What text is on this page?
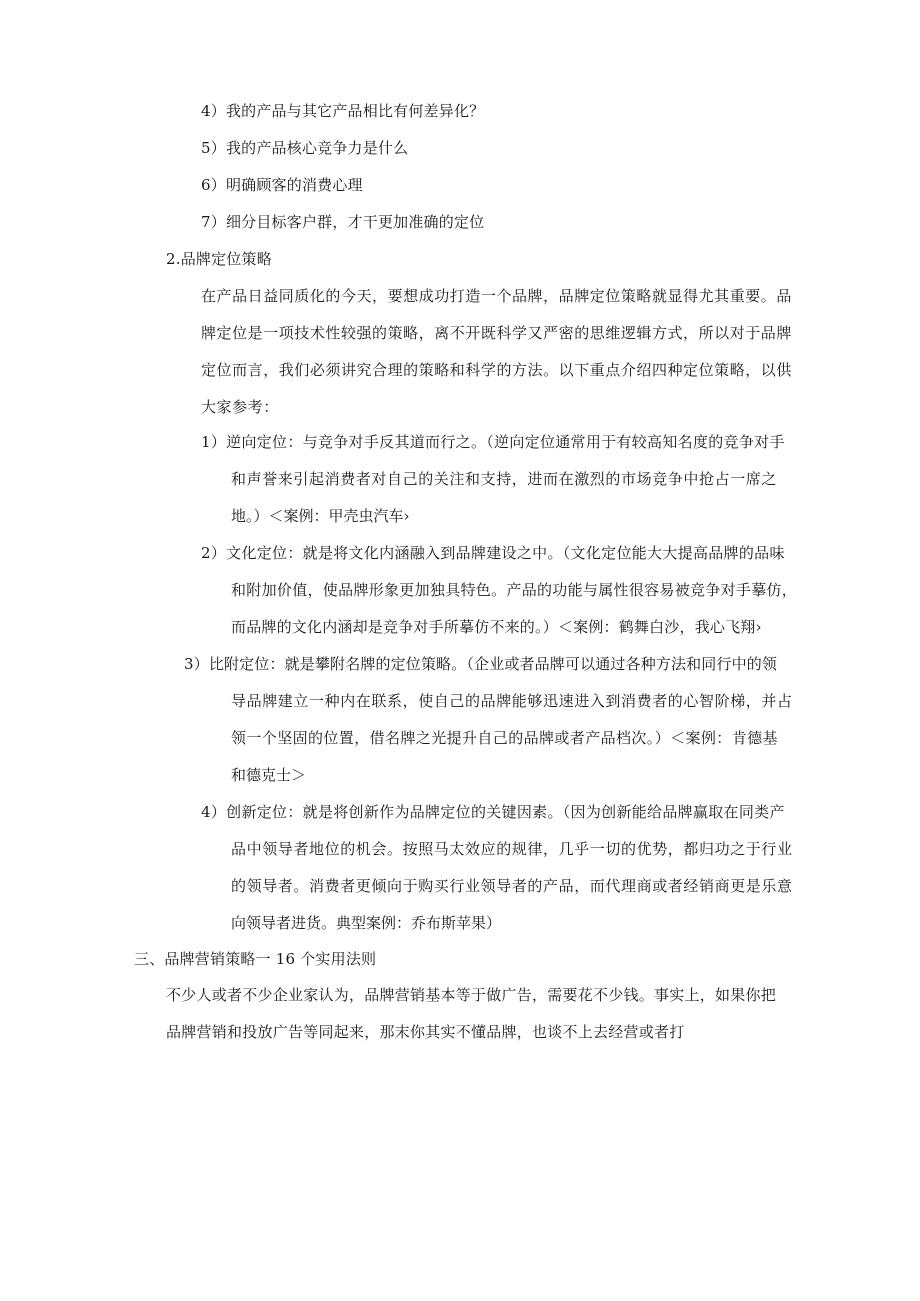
4）我的产品与其它产品相比有何差异化？
5）我的产品核心竞争力是什么
6）明确顾客的消费心理
7）细分目标客户群，才干更加准确的定位
2.品牌定位策略
在产品日益同质化的今天，要想成功打造一个品牌，品牌定位策略就显得尤其重要。品
牌定位是一项技术性较强的策略，离不开既科学又严密的思维逻辑方式，所以对于品牌
定位而言，我们必须讲究合理的策略和科学的方法。以下重点介绍四种定位策略，以供
大家参考：
1）逆向定位：与竞争对手反其道而行之。（逆向定位通常用于有较高知名度的竞争对手
和声誉来引起消费者对自己的关注和支持，进而在激烈的市场竞争中抢占一席之
地。）＜案例：甲壳虫汽车›
2）文化定位：就是将文化内涵融入到品牌建设之中。（文化定位能大大提高品牌的品味
和附加价值，使品牌形象更加独具特色。产品的功能与属性很容易被竞争对手摹仿，
而品牌的文化内涵却是竞争对手所摹仿不来的。）＜案例：鹤舞白沙，我心飞翔›
3）比附定位：就是攀附名牌的定位策略。（企业或者品牌可以通过各种方法和同行中的领
导品牌建立一种内在联系，使自己的品牌能够迅速进入到消费者的心智阶梯，并占
领一个坚固的位置，借名牌之光提升自己的品牌或者产品档次。）＜案例：肯德基
和德克士＞
4）创新定位：就是将创新作为品牌定位的关键因素。（因为创新能给品牌赢取在同类产
品中领导者地位的机会。按照马太效应的规律，几乎一切的优势，都归功之于行业
的领导者。消费者更倾向于购买行业领导者的产品，而代理商或者经销商更是乐意
向领导者进货。典型案例：乔布斯苹果）
三、品牌营销策略一 16 个实用法则
不少人或者不少企业家认为，品牌营销基本等于做广告，需要花不少钱。事实上，如果你把
品牌营销和投放广告等同起来，那末你其实不懂品牌，也谈不上去经营或者打
